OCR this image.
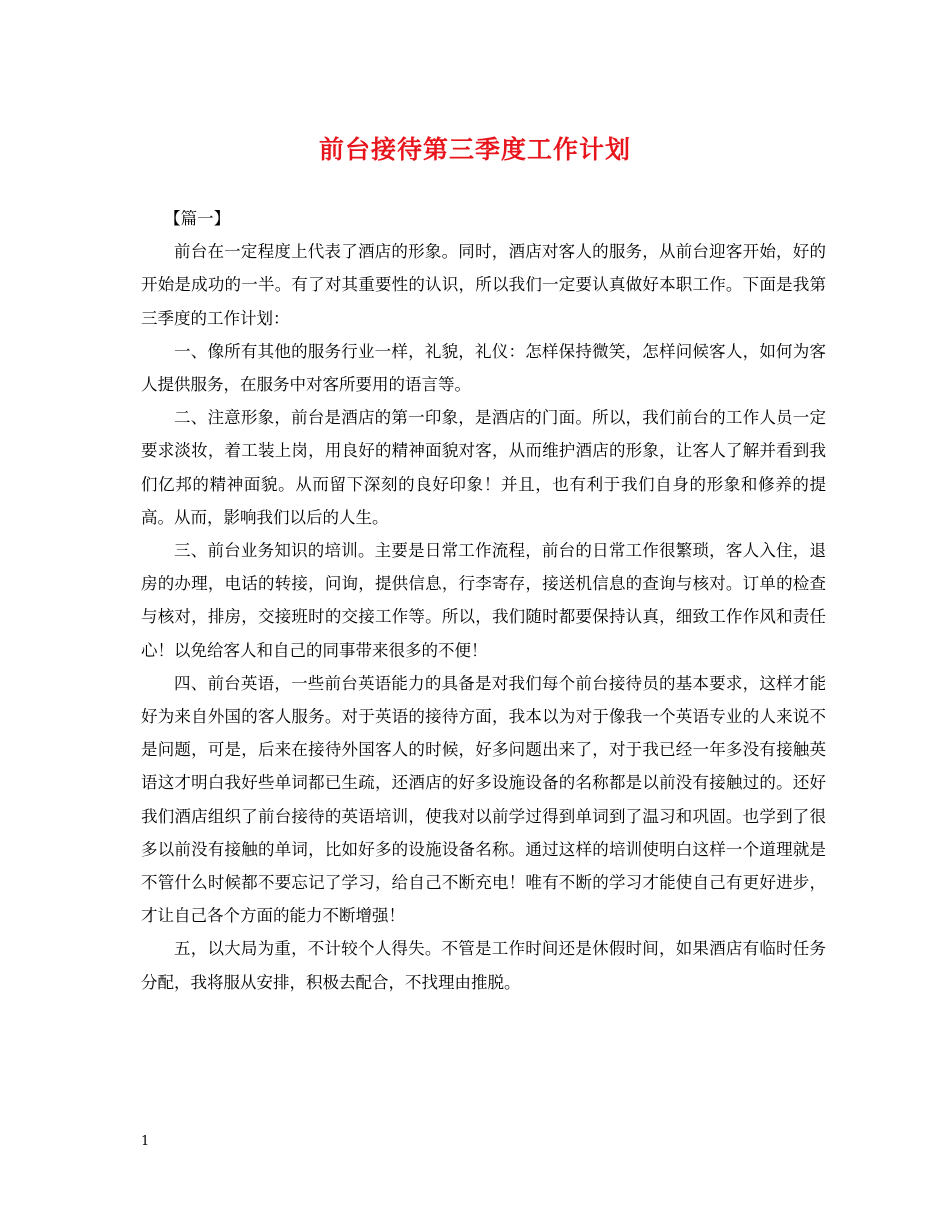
前台接待第三季度工作计划

【篇一】

前台在一定程度上代表了酒店的形象。同时，酒店对客人的服务，从前台迎客开始，好的开始是成功的一半。有了对其重要性的认识，所以我们一定要认真做好本职工作。下面是我第三季度的工作计划：

一、像所有其他的服务行业一样，礼貌，礼仪：怎样保持微笑，怎样问候客人，如何为客人提供服务，在服务中对客所要用的语言等。

二、注意形象，前台是酒店的第一印象，是酒店的门面。所以，我们前台的工作人员一定要求淡妆，着工装上岗，用良好的精神面貌对客，从而维护酒店的形象，让客人了解并看到我们亿邦的精神面貌。从而留下深刻的良好印象！并且，也有利于我们自身的形象和修养的提高。从而，影响我们以后的人生。

三、前台业务知识的培训。主要是日常工作流程，前台的日常工作很繁琐，客人入住，退房的办理，电话的转接，问询，提供信息，行李寄存，接送机信息的查询与核对。订单的检查与核对，排房，交接班时的交接工作等。所以，我们随时都要保持认真，细致工作作风和责任心！以免给客人和自己的同事带来很多的不便！

四、前台英语，一些前台英语能力的具备是对我们每个前台接待员的基本要求，这样才能好为来自外国的客人服务。对于英语的接待方面，我本以为对于像我一个英语专业的人来说不是问题，可是，后来在接待外国客人的时候，好多问题出来了，对于我已经一年多没有接触英语这才明白我好些单词都已生疏，还酒店的好多设施设备的名称都是以前没有接触过的。还好我们酒店组织了前台接待的英语培训，使我对以前学过得到单词到了温习和巩固。也学到了很多以前没有接触的单词，比如好多的设施设备名称。通过这样的培训使明白这样一个道理就是不管什么时候都不要忘记了学习，给自己不断充电！唯有不断的学习才能使自己有更好进步，才让自己各个方面的能力不断增强！

五，以大局为重，不计较个人得失。不管是工作时间还是休假时间，如果酒店有临时任务分配，我将服从安排，积极去配合，不找理由推脱。

1
